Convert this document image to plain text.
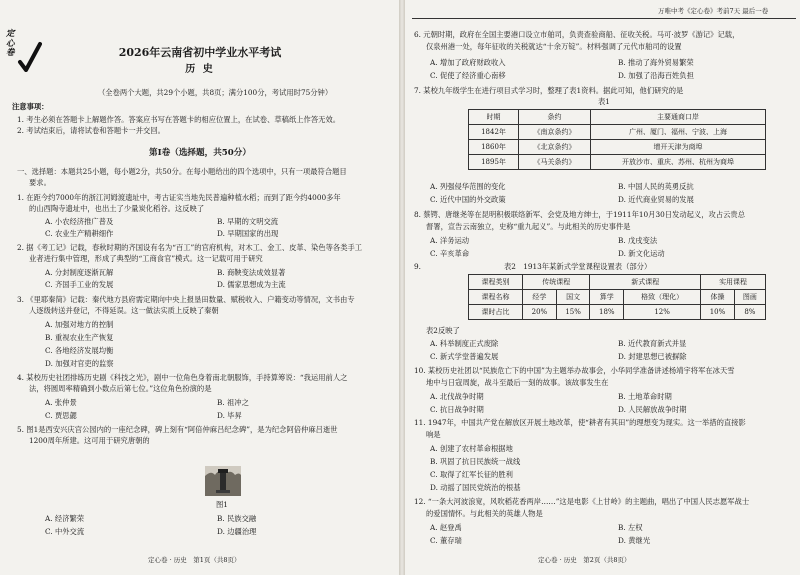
定心卷	2026年云南省初中学业水平考试
历 史
（全卷两个大题，共29个小题，共8页；满分100分，考试用时75分钟）
注意事项：
1. 考生必须在答题卡上解题作答。答案应书写在答题卡的相应位置上，在试卷、草稿纸上作答无效。
2. 考试结束后，请将试卷和答题卡一并交回。
第Ⅰ卷（选择题，共50分）
一、选择题：本题共25小题，每小题2分，共50分。在每小题给出的四个选项中，只有一项最符合题目
要求。
1. 在距今约7000年的浙江河姆渡遗址中，考古证实当地先民普遍种植水稻；而到了距今约4000多年
的山西陶寺遗址中，也出土了少量炭化稻谷。这反映了
A. 小农经济推广普及	B. 早期的文明交流
C. 农业生产精耕细作	D. 早期国家的出现
2. 据《考工记》记载，春秋时期的齐国设有名为“百工”的官府机构，对木工、金工、皮革、染色等各类手工
业者进行集中管理，形成了典型的“工商食官”模式。这一记载可用于研究
A. 分封制度逐渐瓦解	B. 商鞅变法成效显著
C. 齐国手工业的发展	D. 儒家思想成为主流
3. 《里耶秦简》记载：秦代地方县府需定期向中央上报垦田数量、赋税收入、户籍变动等情况，文书由专
人逐级转送并登记，不得延误。这一做法实质上反映了秦朝
A. 加强对地方的控制
B. 重视农业生产恢复
C. 各地经济发展均衡
D. 加强对官吏的监察
4. 某校历史社团排练历史剧《科技之光》，剧中一位角色身着南北朝服饰，手持算筹说：“我运用前人之
法，将圆周率精确到小数点后第七位。”这位角色扮演的是
A. 张仲景	B. 祖冲之
C. 贾思勰	D. 毕昇
5. 图1是西安兴庆宫公园内的一座纪念碑，碑上刻有“阿倍仲麻吕纪念碑”，是为纪念阿倍仲麻吕逝世
1200周年所建。这可用于研究唐朝的
图1
A. 经济繁荣	B. 民族交融
C. 中外交流	D. 边疆治理
定心卷 · 历史　第1页（共8页）
万唯中考《定心卷》考前7天 最后一卷
6. 元朝时期，政府在全国主要港口设立市舶司，负责查验商船、征收关税。马可·波罗《游记》记载，
仅泉州港一处，每年征收的关税就达“十余万锭”。材料强调了元代市舶司的设置
A. 增加了政府财政收入	B. 推动了海外贸易繁荣
C. 促使了经济重心南移	D. 加强了沿海百姓负担
7. 某校九年级学生在进行项目式学习时，整理了表1资料。据此可知，他们研究的是
表1
时期	条约	主要通商口岸
1842年	《南京条约》	广州、厦门、福州、宁波、上海
1860年	《北京条约》	增开天津为商埠
1895年	《马关条约》	开放沙市、重庆、苏州、杭州为商埠
A. 列强侵华范围的变化	B. 中国人民的英勇反抗
C. 近代中国的外交政策	D. 近代商业贸易的发展
8. 蔡锷、唐继尧等在昆明积极联络新军、会党及地方绅士，于1911年10月30日发动起义，攻占云贵总
督署，宣告云南独立，史称“重九起义”。与此相关的历史事件是
A. 洋务运动	B. 戊戌变法
C. 辛亥革命	D. 新文化运动
9.	表2　1913年某新式学堂课程设置表（部分）
课程类别	传统课程		新式课程		实用课程	
课程名称	经学	国文	算学	格致（理化）	体操	图画
课时占比	20%	15%	18%	12%	10%	8%
表2反映了
A. 科举制度正式废除	B. 近代教育新式并显
C. 新式学堂普遍发展	D. 封建思想已被摒除
10. 某校历史社团以“民族危亡下的中国”为主题举办故事会，小华同学准备讲述杨靖宇将军在冰天雪
地中与日寇周旋，战斗至最后一刻的故事。该故事发生在
A. 北伐战争时期	B. 土地革命时期
C. 抗日战争时期	D. 人民解放战争时期
11. 1947年，中国共产党在解放区开展土地改革，使“耕者有其田”的理想变为现实。这一举措的直接影
响是
A. 创建了农村革命根据地
B. 巩固了抗日民族统一战线
C. 取得了红军长征的胜利
D. 动摇了国民党统治的根基
12. “一条大河波浪宽，风吹稻花香两岸……”这是电影《上甘岭》的主题曲，唱出了中国人民志愿军战士
的爱国情怀。与此相关的英雄人物是
A. 赵登禹	B. 左权
C. 董存瑞	D. 黄继光
定心卷 · 历史　第2页（共8页）
